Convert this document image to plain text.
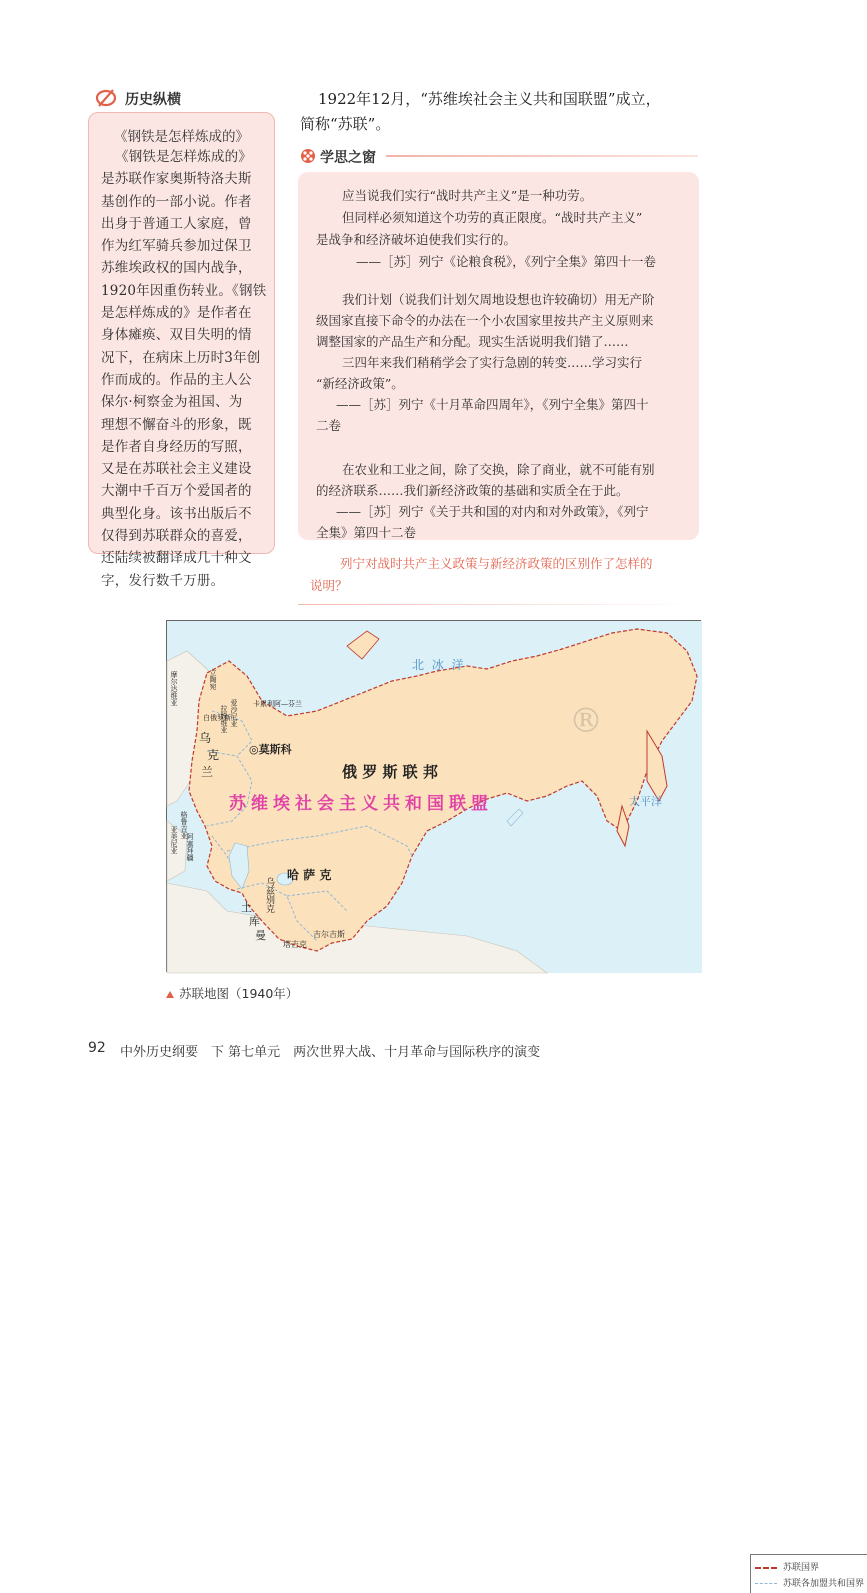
历史纵横
《钢铁是怎样炼成的》
《钢铁是怎样炼成的》
是苏联作家奥斯特洛夫斯
基创作的一部小说。作者
出身于普通工人家庭，曾
作为红军骑兵参加过保卫
苏维埃政权的国内战争，
1920年因重伤转业。《钢铁
是怎样炼成的》是作者在
身体瘫痪、双目失明的情
况下，在病床上历时3年创
作而成的。作品的主人公
保尔·柯察金为祖国、为
理想不懈奋斗的形象，既
是作者自身经历的写照，
又是在苏联社会主义建设
大潮中千百万个爱国者的
典型化身。该书出版后不
仅得到苏联群众的喜爱，
还陆续被翻译成几十种文
字，发行数千万册。
1922年12月，“苏维埃社会主义共和国联盟”成立，
简称“苏联”。
学思之窗
应当说我们实行“战时共产主义”是一种功劳。
但同样必须知道这个功劳的真正限度。“战时共产主义”
是战争和经济破坏迫使我们实行的。
——［苏］列宁《论粮食税》，《列宁全集》第四十一卷
我们计划（说我们计划欠周地设想也许较确切）用无产阶
级国家直接下命令的办法在一个小农国家里按共产主义原则来
调整国家的产品生产和分配。现实生活说明我们错了……
三四年来我们稍稍学会了实行急剧的转变……学习实行
“新经济政策”。
——［苏］列宁《十月革命四周年》，《列宁全集》第四十
二卷
在农业和工业之间，除了交换，除了商业，就不可能有别
的经济联系……我们新经济政策的基础和实质全在于此。
——［苏］列宁《关于共和国的对内和对外政策》，《列宁
全集》第四十二卷
列宁对战时共产主义政策与新经济政策的区别作了怎样的
说明？
北 冰 洋
太平洋
◎莫斯科
俄 罗 斯 联 邦
苏维埃社会主义共和国联盟
哈 萨 克
乌
克
兰
土
库
曼
乌兹别克
吉尔吉斯
塔吉克
卡累利阿—芬兰
爱沙尼亚
拉脱维亚
立陶宛
白俄罗斯
摩尔达维亚
格鲁吉亚
亚美尼亚 阿塞拜疆
®
苏联国界
苏联各加盟共和国界
苏联地图（1940年）
92 中外历史纲要　下 第七单元　两次世界大战、十月革命与国际秩序的演变
